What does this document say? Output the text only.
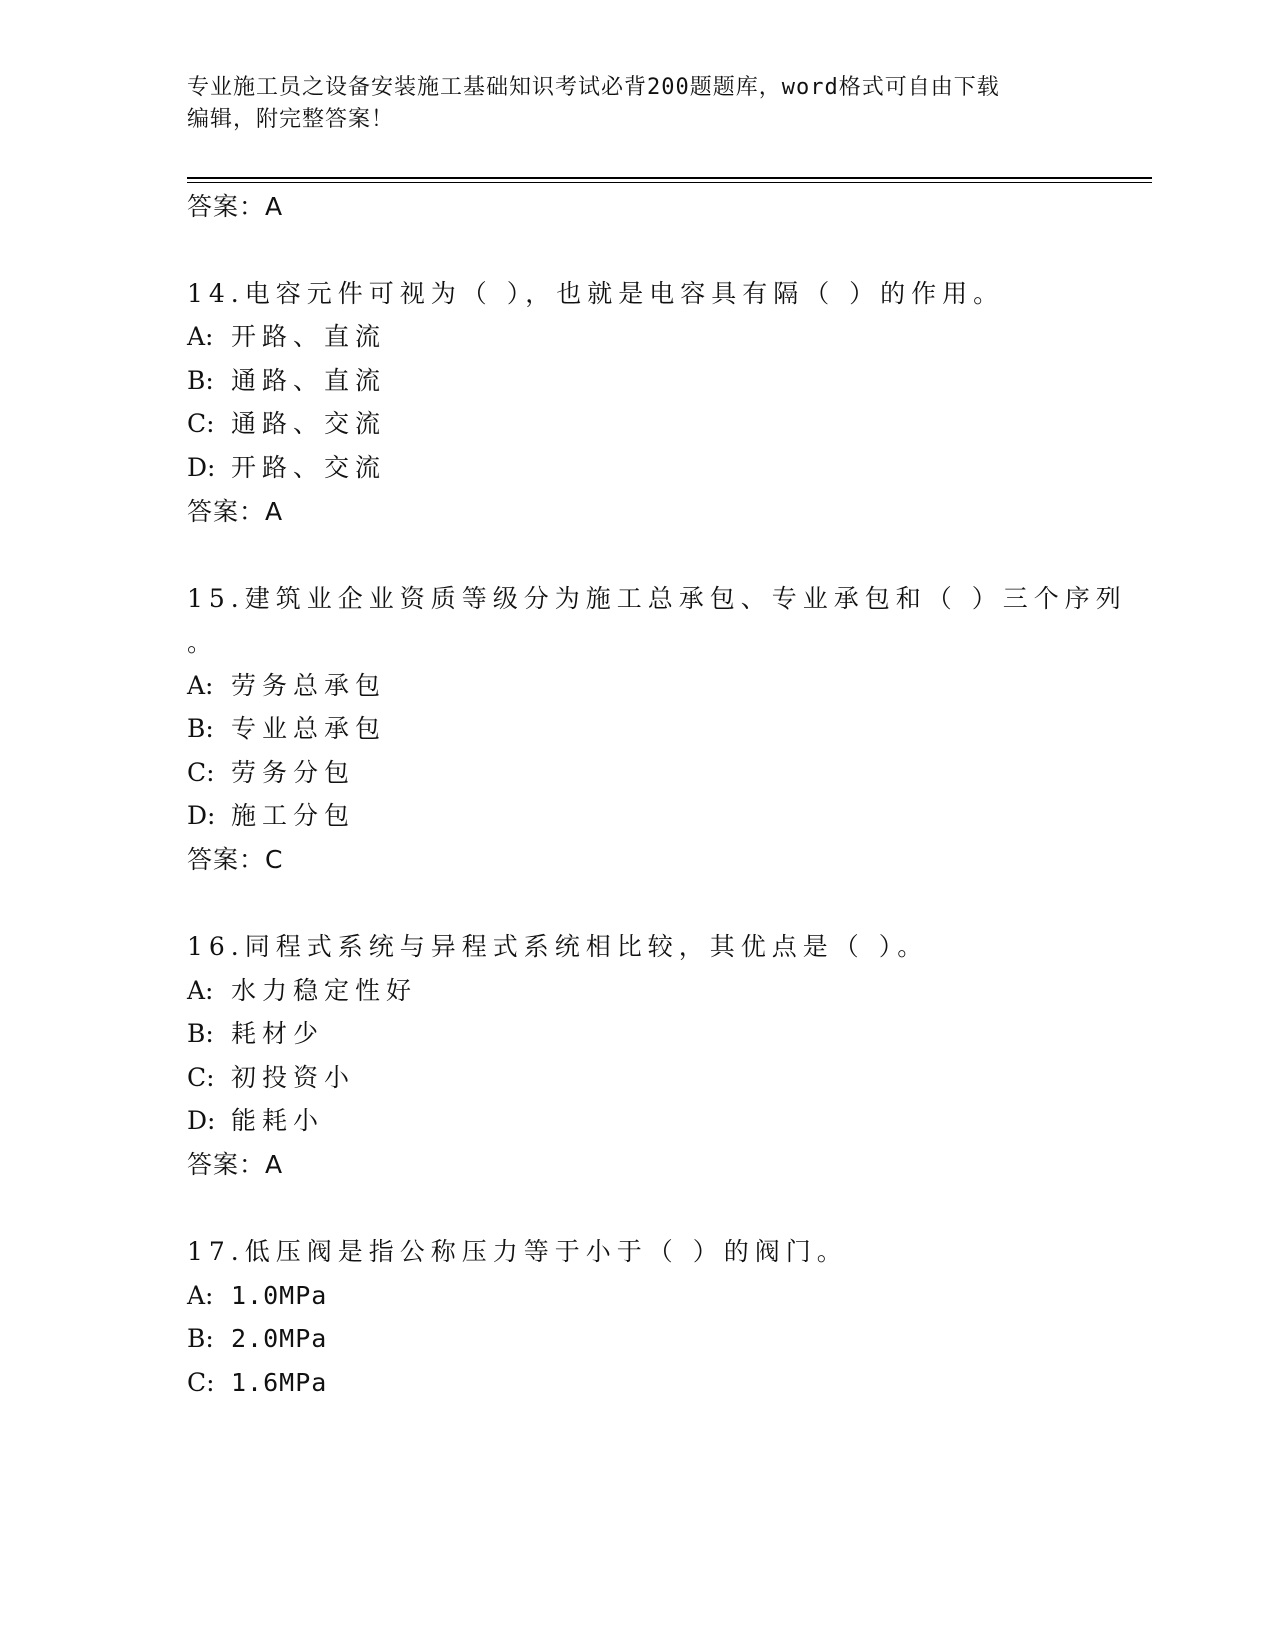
专业施工员之设备安装施工基础知识考试必背200题题库，word格式可自由下载
编辑，附完整答案！
答案：A
14.电容元件可视为（ ），也就是电容具有隔（ ）的作用。
A: 开路、直流
B: 通路、直流
C: 通路、交流
D: 开路、交流
答案：A
15.建筑业企业资质等级分为施工总承包、专业承包和（ ）三个序列
。
A: 劳务总承包
B: 专业总承包
C: 劳务分包
D: 施工分包
答案：C
16.同程式系统与异程式系统相比较，其优点是（ ）。
A: 水力稳定性好
B: 耗材少
C: 初投资小
D: 能耗小
答案：A
17.低压阀是指公称压力等于小于（ ）的阀门。
A: 1.0MPa
B: 2.0MPa
C: 1.6MPa
